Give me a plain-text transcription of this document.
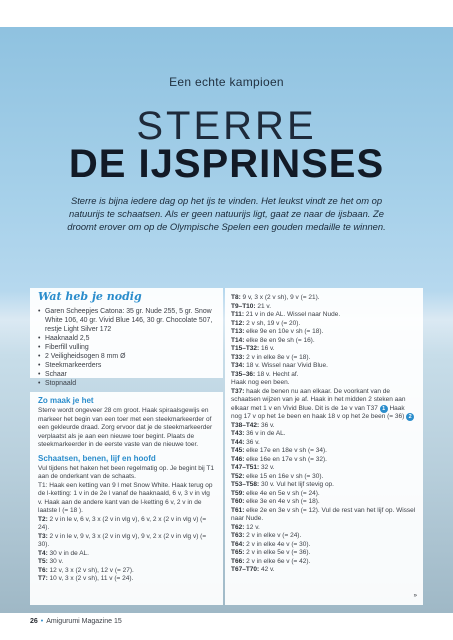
Een echte kampioen
STERRE
DE IJSPRINSES
Sterre is bijna iedere dag op het ijs te vinden. Het leukst vindt ze het om op natuurijs te schaatsen. Als er geen natuurijs ligt, gaat ze naar de ijsbaan. Ze droomt erover om op de Olympische Spelen een gouden medaille te winnen.
Wat heb je nodig
• Garen Scheepjes Catona: 35 gr. Nude 255, 5 gr. Snow White 106, 40 gr. Vivid Blue 146, 30 gr. Chocolate 507, restje Light Silver 172
• Haaknaald 2,5
• Fiberfill vulling
• 2 Veiligheidsogen 8 mm Ø
• Steekmarkeerders
• Schaar
• Stopnaald
Zo maak je het

Sterre wordt ongeveer 28 cm groot. Haak spiraalsgewijs en markeer het begin van een toer met een steekmarkeerder of een gekleurde draad. Zorg ervoor dat je de steekmarkeerder verplaatst als je aan een nieuwe toer begint. Plaats de steekmarkeerder in de eerste vaste van de nieuwe toer.

Schaatsen, benen, lijf en hoofd

Vul tijdens het haken het been regelmatig op. Je begint bij T1 aan de onderkant van de schaats.

T1: Haak een ketting van 9 l met Snow White. Haak terug op de l-ketting: 1 v in de 2e l vanaf de haaknaald, 6 v, 3 v in vlg v. Haak aan de andere kant van de l-ketting 6 v, 2 v in de laatste l (= 18 ).

T2: 2 v in le v, 6 v, 3 x (2 v in vlg v), 6 v, 2 x (2 v in vlg v) (= 24).

T3: 2 v in le v, 9 v, 3 x (2 v in vlg v), 9 v, 2 x (2 v in vlg v) (= 30).

T4: 30 v in de AL.

T5: 30 v.

T6: 12 v, 3 x (2 v sh), 12 v (= 27).

T7: 10 v, 3 x (2 v sh), 11 v (= 24).

T8: 9 v, 3 x (2 v sh), 9 v (= 21).

T9–T10: 21 v.

T11: 21 v in de AL. Wissel naar Nude.

T12: 2 v sh, 19 v (= 20).

T13: elke 9e en 10e v sh (= 18).

T14: elke 8e en 9e sh (= 16).

T15–T32: 16 v.

T33: 2 v in elke 8e v (= 18).

T34: 18 v. Wissel naar Vivid Blue.

T35–36: 18 v. Hecht af.

Haak nog een been.

T37: haak de benen nu aan elkaar. De voorkant van de schaatsen wijzen van je af. Haak in het midden 2 steken aan elkaar met 1 v en Vivid Blue. Dit is de 1e v van T37 1 Haak nog 17 v op het 1e been en haak 18 v op het 2e been (= 36) 2

T38–T42: 36 v.

T43: 36 v in de AL.

T44: 36 v.

T45: elke 17e en 18e v sh (= 34).

T46: elke 16e en 17e v sh (= 32).

T47–T51: 32 v.

T52: elke 15 en 16e v sh (= 30).

T53–T58: 30 v. Vul het lijf stevig op.

T59: elke 4e en 5e v sh (= 24).

T60: elke 3e en 4e v sh (= 18).

T61: elke 2e en 3e v sh (= 12). Vul de rest van het lijf op. Wissel naar Nude.

T62: 12 v.

T63: 2 v in elke v (= 24).

T64: 2 v in elke 4e v (= 30).

T65: 2 v in elke 5e v (= 36).

T66: 2 v in elke 6e v (= 42).

T67–T70: 42 v.

»
26 • Amigurumi Magazine 15
